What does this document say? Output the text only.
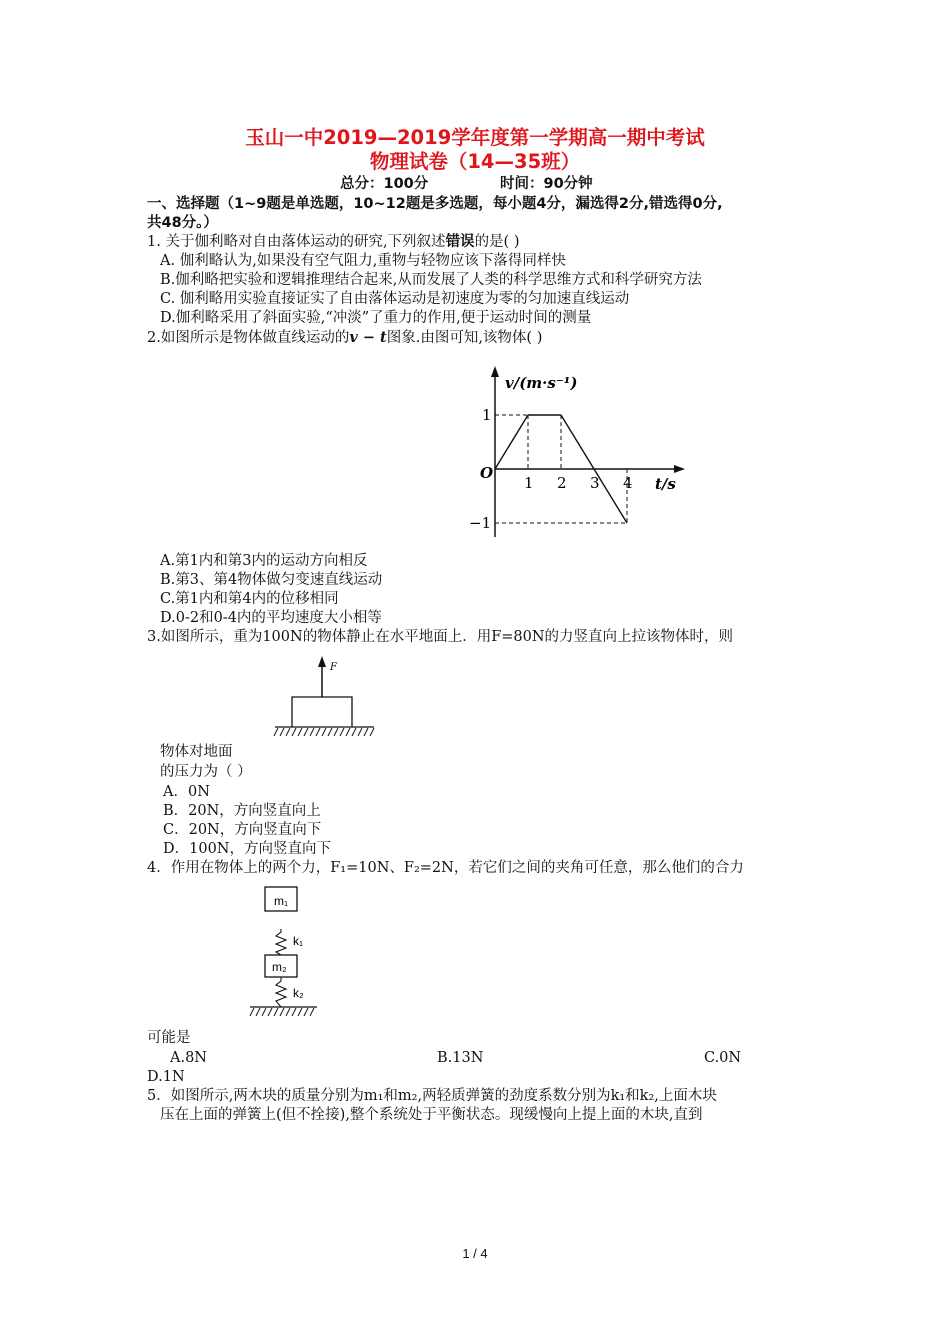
玉山一中2019—2019学年度第一学期高一期中考试
物理试卷（14—35班）
总分：100分	时间：90分钟
一、选择题（1~9题是单选题，10~12题是多选题，每小题4分，漏选得2分,错选得0分,
共48分。）
1. 关于伽利略对自由落体运动的研究,下列叙述错误的是( )
A. 伽利略认为,如果没有空气阻力,重物与轻物应该下落得同样快
B.伽利略把实验和逻辑推理结合起来,从而发展了人类的科学思维方式和科学研究方法
C. 伽利略用实验直接证实了自由落体运动是初速度为零的匀加速直线运动
D.伽利略采用了斜面实验,“冲淡”了重力的作用,便于运动时间的测量
2.如图所示是物体做直线运动的v − t图象.由图可知,该物体( )
v/(m·s⁻¹)
t/s
O
1 2 3 4
1
−1
A.第1内和第3内的运动方向相反
B.第3、第4物体做匀变速直线运动
C.第1内和第4内的位移相同
D.0-2和0-4内的平均速度大小相等
3.如图所示，重为100N的物体静止在水平地面上．用F=80N的力竖直向上拉该物体时，则
F
物体对地面
的压力为（ ）
A．0N
B．20N，方向竖直向上
C．20N，方向竖直向下
D．100N，方向竖直向下
4．作用在物体上的两个力，F₁=10N、F₂=2N，若它们之间的夹角可任意，那么他们的合力
m₁
k₁
m₂
k₂
可能是
A.8N	B.13N	C.0N
D.1N
5．如图所示,两木块的质量分别为m₁和m₂,两轻质弹簧的劲度系数分别为k₁和k₂,上面木块
压在上面的弹簧上(但不拴接),整个系统处于平衡状态。现缓慢向上提上面的木块,直到
1 / 4
